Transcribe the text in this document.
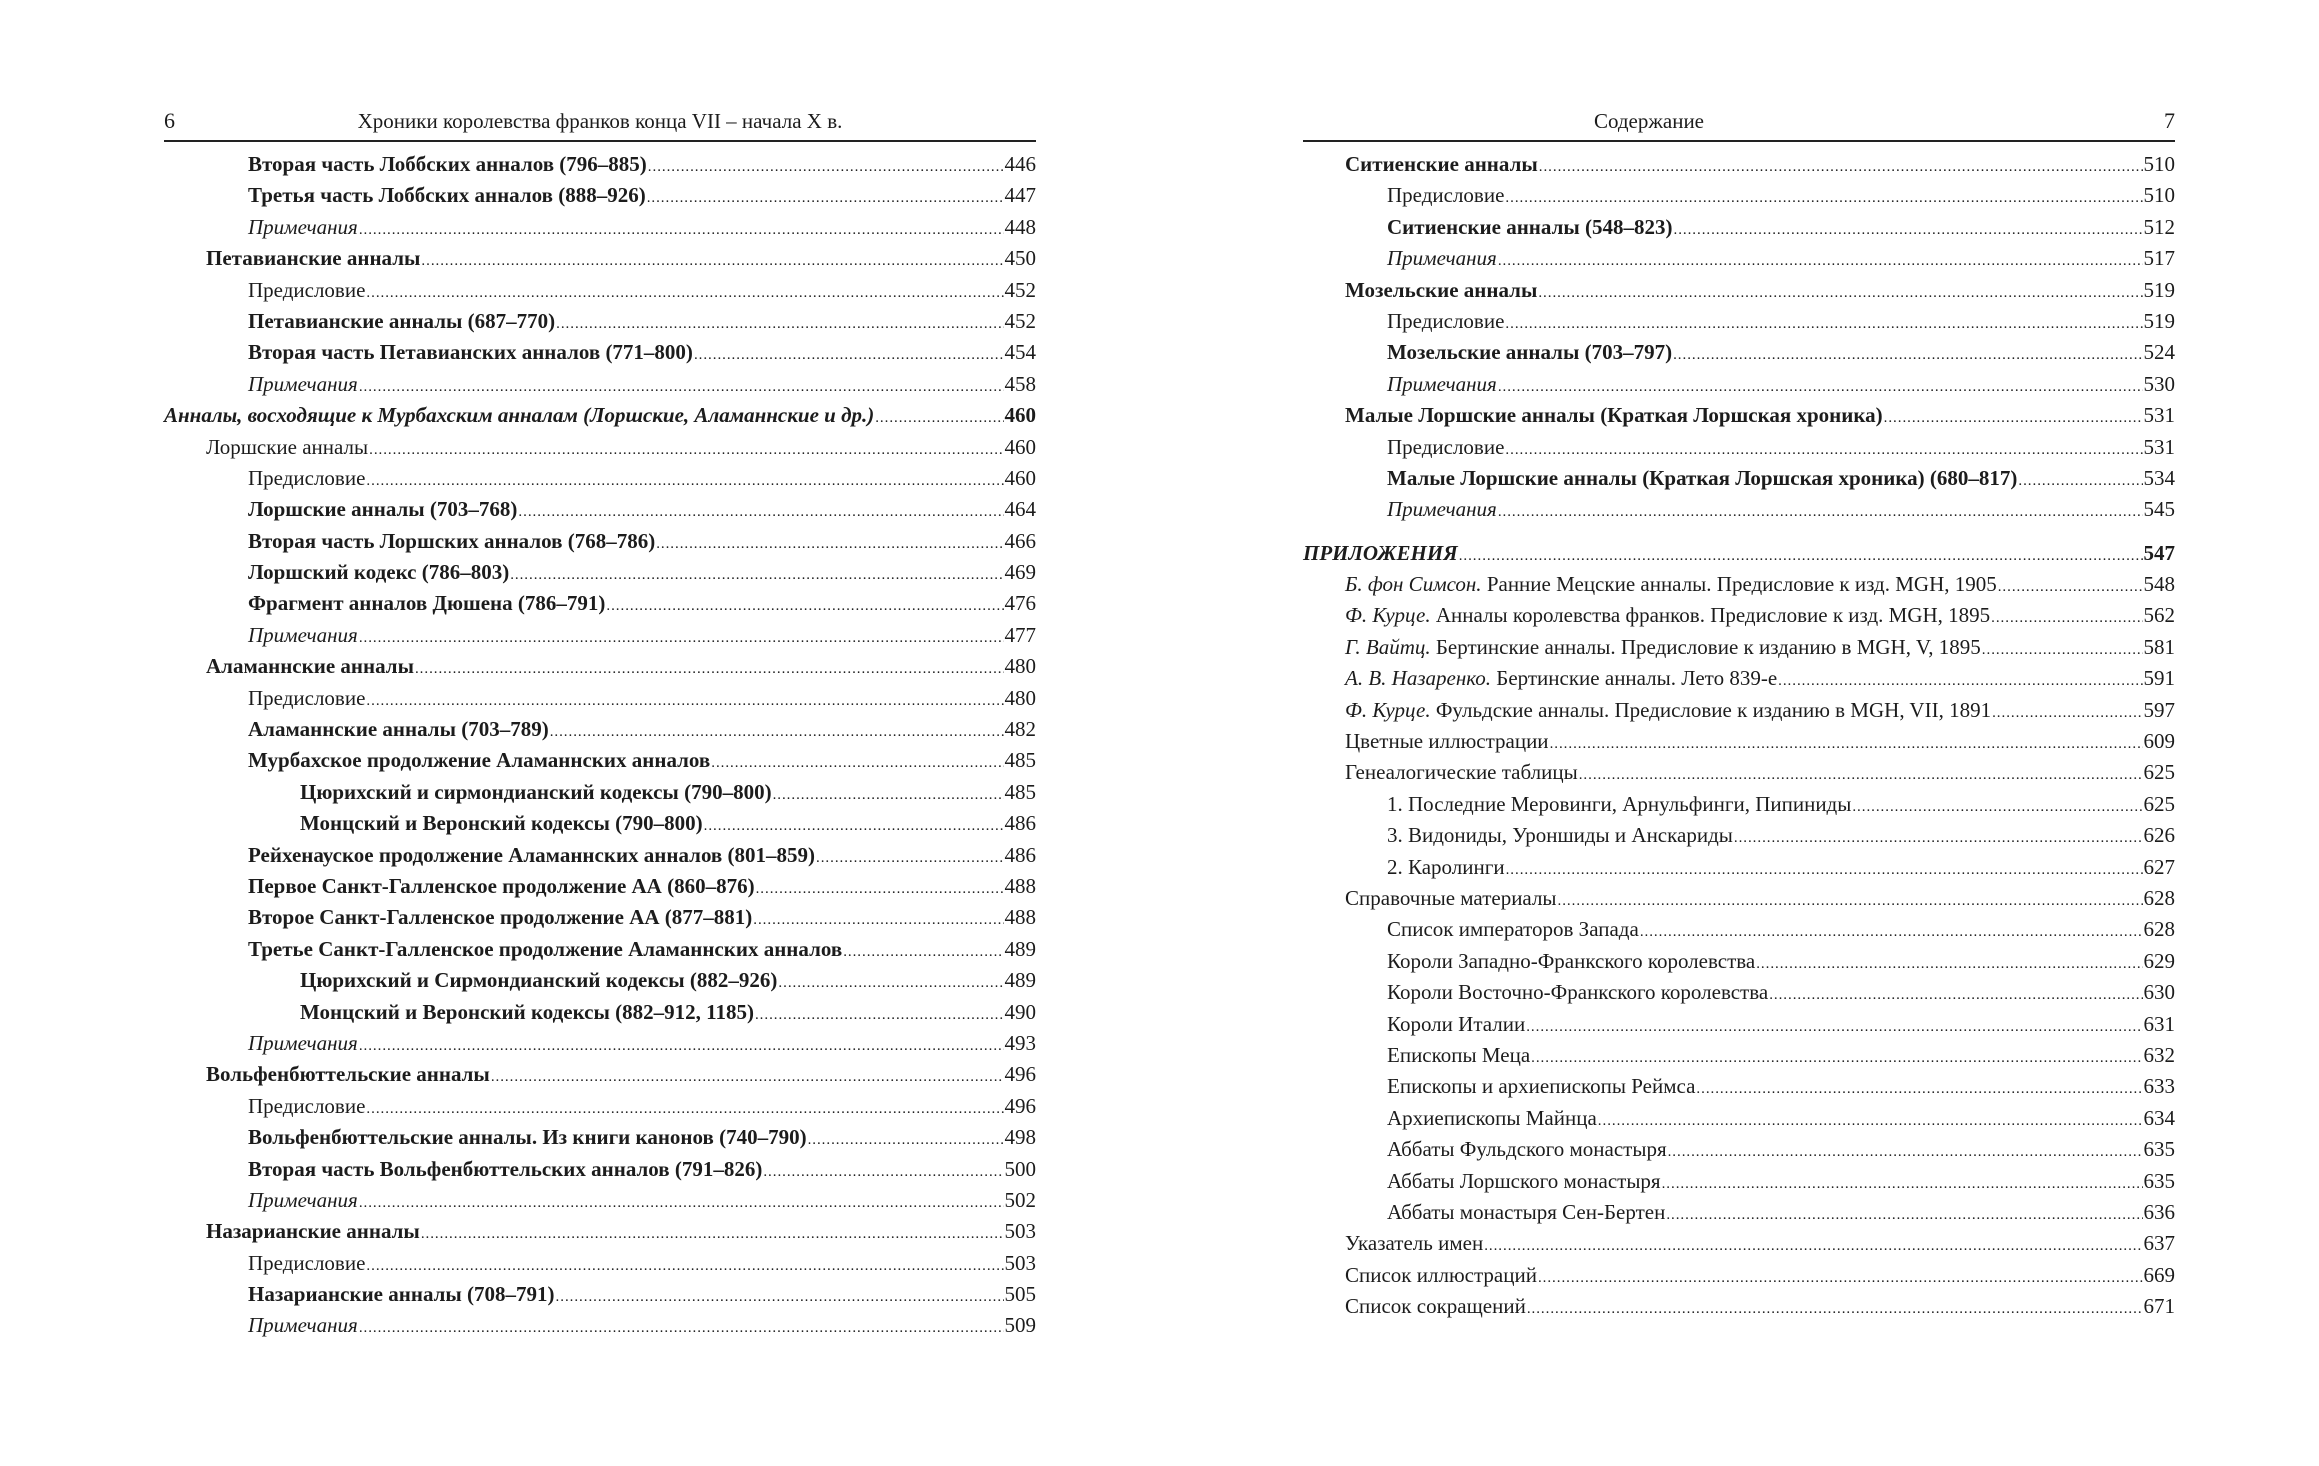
6	Хроники королевства франков конца VII – начала X в.
Вторая часть Лоббских анналов (796–885) . . .	446
Третья часть Лоббских анналов (888–926) . . .	447
Примечания . . .	448
Петавианские анналы . . .	450
Предисловие . . .	452
Петавианские анналы (687–770) . . .	452
Вторая часть Петавианских анналов (771–800) . . .	454
Примечания . . .	458
Анналы, восходящие к Мурбахским анналам (Лоршские, Аламаннские и др.) . . .	460
Лоршские анналы . . .	460
Предисловие . . .	460
Лоршские анналы (703–768) . . .	464
Вторая часть Лоршских анналов (768–786) . . .	466
Лоршский кодекс (786–803) . . .	469
Фрагмент анналов Дюшена (786–791) . . .	476
Примечания . . .	477
Аламаннские анналы . . .	480
Предисловие . . .	480
Аламаннские анналы (703–789) . . .	482
Мурбахское продолжение Аламаннских анналов . . .	485
Цюрихский и сирмондианский кодексы (790–800) . . .	485
Монцский и Веронский кодексы (790–800) . . .	486
Рейхенауское продолжение Аламаннских анналов (801–859) . . .	486
Первое Санкт-Галленское продолжение АА (860–876) . . .	488
Второе Санкт-Галленское продолжение АА (877–881) . . .	488
Третье Санкт-Галленское продолжение Аламаннских анналов . . .	489
Цюрихский и Сирмондианский кодексы (882–926) . . .	489
Монцский и Веронский кодексы (882–912, 1185) . . .	490
Примечания . . .	493
Вольфенбюттельские анналы . . .	496
Предисловие . . .	496
Вольфенбюттельские анналы. Из книги канонов (740–790) . . .	498
Вторая часть Вольфенбюттельских анналов (791–826) . . .	500
Примечания . . .	502
Назарианские анналы . . .	503
Предисловие . . .	503
Назарианские анналы (708–791) . . .	505
Примечания . . .	509
Содержание	7
Ситиенские анналы . . .	510
Предисловие . . .	510
Ситиенские анналы (548–823) . . .	512
Примечания . . .	517
Мозельские анналы . . .	519
Предисловие . . .	519
Мозельские анналы (703–797) . . .	524
Примечания . . .	530
Малые Лоршские анналы (Краткая Лоршская хроника) . . .	531
Предисловие . . .	531
Малые Лоршские анналы (Краткая Лоршская хроника) (680–817) . . .	534
Примечания . . .	545
ПРИЛОЖЕНИЯ . . .	547
Б. фон Симсон. Ранние Мецские анналы. Предисловие к изд. MGH, 1905 . . .	548
Ф. Курце. Анналы королевства франков. Предисловие к изд. MGH, 1895 . . .	562
Г. Вайтц. Бертинские анналы. Предисловие к изданию в MGH, V, 1895 . . .	581
А. В. Назаренко. Бертинские анналы. Лето 839-е . . .	591
Ф. Курце. Фульдские анналы. Предисловие к изданию в MGH, VII, 1891 . . .	597
Цветные иллюстрации . . .	609
Генеалогические таблицы . . .	625
1. Последние Меровинги, Арнульфинги, Пипиниды . . .	625
3. Видониды, Уроншиды и Анскариды . . .	626
2. Каролинги . . .	627
Справочные материалы . . .	628
Список императоров Запада . . .	628
Короли Западно-Франкского королевства . . .	629
Короли Восточно-Франкского королевства . . .	630
Короли Италии . . .	631
Епископы Меца . . .	632
Епископы и архиепископы Реймса . . .	633
Архиепископы Майнца . . .	634
Аббаты Фульдского монастыря . . .	635
Аббаты Лоршского монастыря . . .	635
Аббаты монастыря Сен-Бертен . . .	636
Указатель имен . . .	637
Список иллюстраций . . .	669
Список сокращений . . .	671
